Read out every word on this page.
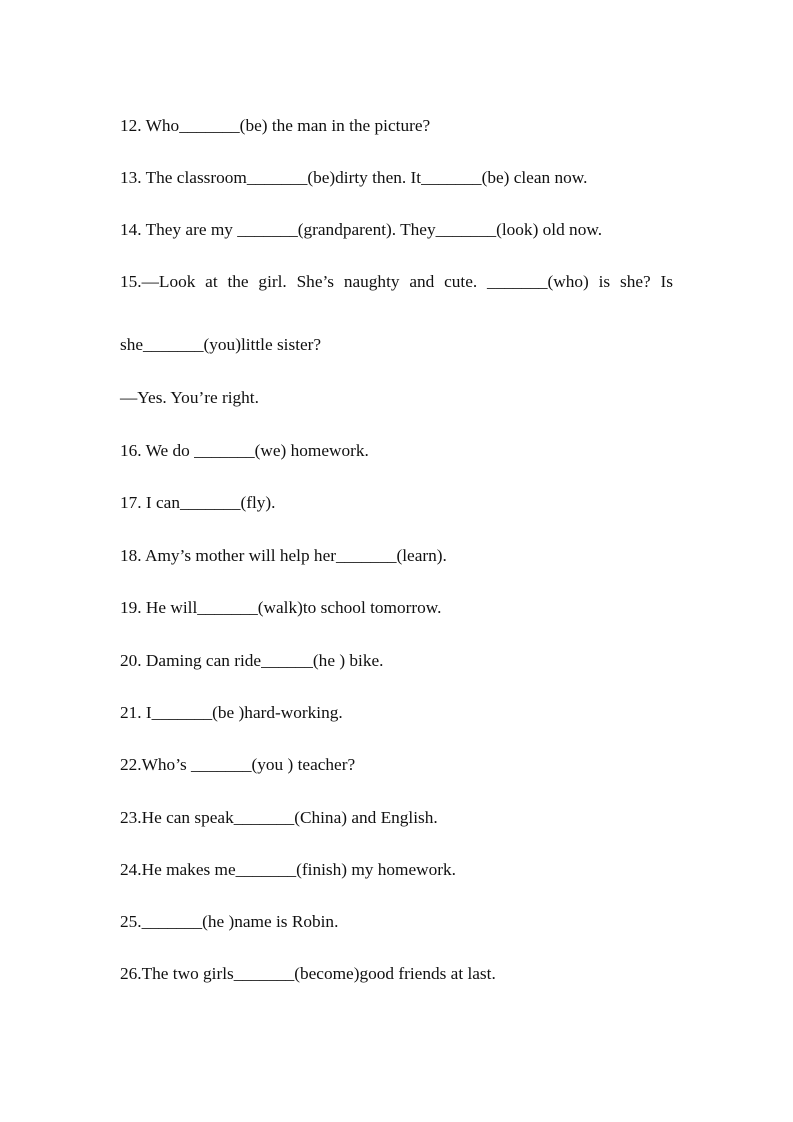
12. Who_______(be) the man in the picture?
13. The classroom_______(be)dirty then. It_______(be) clean now.
14. They are my _______(grandparent). They_______(look) old now.
15.—Look at the girl. She’s naughty and cute. _______(who) is she? Is
she_______(you)little sister?
—Yes. You’re right.
16. We do _______(we) homework.
17. I can_______(fly).
18. Amy’s mother will help her_______(learn).
19. He will_______(walk)to school tomorrow.
20. Daming can ride______(he ) bike.
21. I_______(be )hard-working.
22.Who’s _______(you ) teacher?
23.He can speak_______(China) and English.
24.He makes me_______(finish) my homework.
25._______(he )name is Robin.
26.The two girls_______(become)good friends at last.
